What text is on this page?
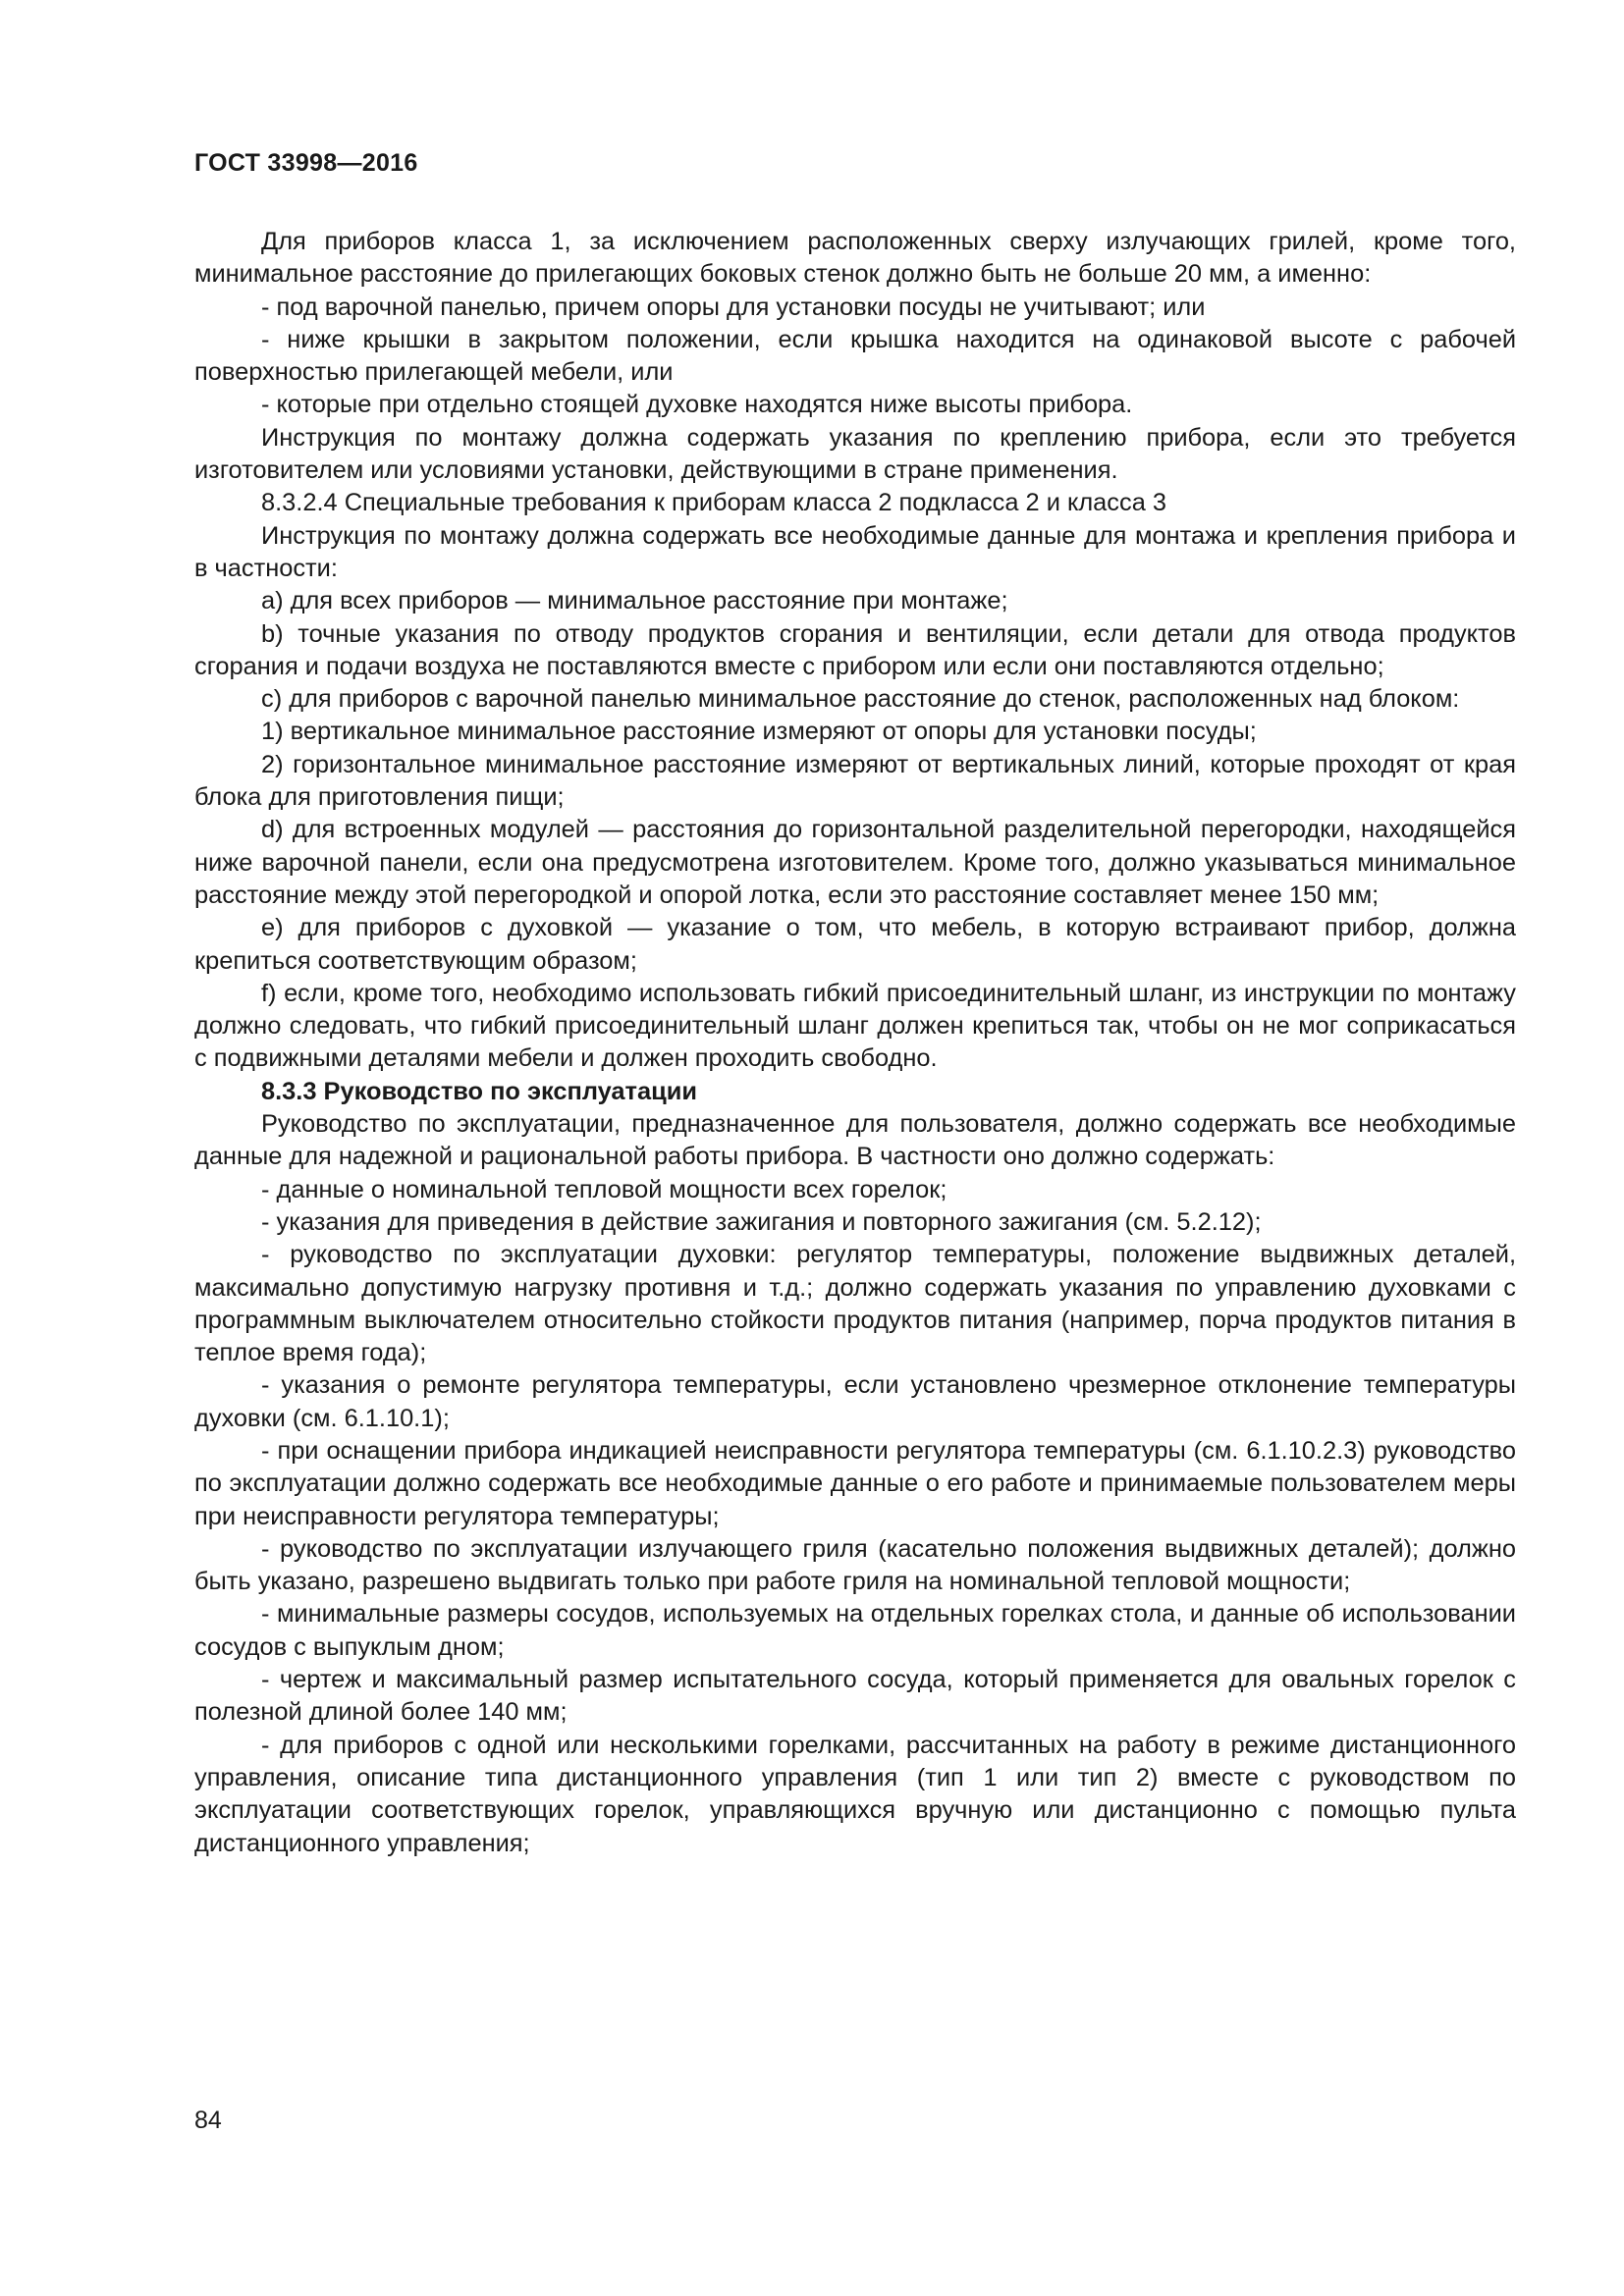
ГОСТ 33998—2016

Для приборов класса 1, за исключением расположенных сверху излучающих грилей, кроме того, минимальное расстояние до прилегающих боковых стенок должно быть не больше 20 мм, а именно:

- под варочной панелью, причем опоры для установки посуды не учитывают; или

- ниже крышки в закрытом положении, если крышка находится на одинаковой высоте с рабочей поверхностью прилегающей мебели, или

- которые при отдельно стоящей духовке находятся ниже высоты прибора.

Инструкция по монтажу должна содержать указания по креплению прибора, если это требуется изготовителем или условиями установки, действующими в стране применения.

8.3.2.4 Специальные требования к приборам класса 2 подкласса 2 и класса 3

Инструкция по монтажу должна содержать все необходимые данные для монтажа и крепления прибора и в частности:

a) для всех приборов — минимальное расстояние при монтаже;

b) точные указания по отводу продуктов сгорания и вентиляции, если детали для отвода продуктов сгорания и подачи воздуха не поставляются вместе с прибором или если они поставляются отдельно;

c) для приборов с варочной панелью минимальное расстояние до стенок, расположенных над блоком:

1) вертикальное минимальное расстояние измеряют от опоры для установки посуды;

2) горизонтальное минимальное расстояние измеряют от вертикальных линий, которые проходят от края блока для приготовления пищи;

d) для встроенных модулей — расстояния до горизонтальной разделительной перегородки, находящейся ниже варочной панели, если она предусмотрена изготовителем. Кроме того, должно указываться минимальное расстояние между этой перегородкой и опорой лотка, если это расстояние составляет менее 150 мм;

e) для приборов с духовкой — указание о том, что мебель, в которую встраивают прибор, должна крепиться соответствующим образом;

f) если, кроме того, необходимо использовать гибкий присоединительный шланг, из инструкции по монтажу должно следовать, что гибкий присоединительный шланг должен крепиться так, чтобы он не мог соприкасаться с подвижными деталями мебели и должен проходить свободно.

8.3.3 Руководство по эксплуатации

Руководство по эксплуатации, предназначенное для пользователя, должно содержать все необходимые данные для надежной и рациональной работы прибора. В частности оно должно содержать:

- данные о номинальной тепловой мощности всех горелок;

- указания для приведения в действие зажигания и повторного зажигания (см. 5.2.12);

- руководство по эксплуатации духовки: регулятор температуры, положение выдвижных деталей, максимально допустимую нагрузку противня и т.д.; должно содержать указания по управлению духовками с программным выключателем относительно стойкости продуктов питания (например, порча продуктов питания в теплое время года);

- указания о ремонте регулятора температуры, если установлено чрезмерное отклонение температуры духовки (см. 6.1.10.1);

- при оснащении прибора индикацией неисправности регулятора температуры (см. 6.1.10.2.3) руководство по эксплуатации должно содержать все необходимые данные о его работе и принимаемые пользователем меры при неисправности регулятора температуры;

- руководство по эксплуатации излучающего гриля (касательно положения выдвижных деталей); должно быть указано, разрешено выдвигать только при работе гриля на номинальной тепловой мощности;

- минимальные размеры сосудов, используемых на отдельных горелках стола, и данные об использовании сосудов с выпуклым дном;

- чертеж и максимальный размер испытательного сосуда, который применяется для овальных горелок с полезной длиной более 140 мм;

- для приборов с одной или несколькими горелками, рассчитанных на работу в режиме дистанционного управления, описание типа дистанционного управления (тип 1 или тип 2) вместе с руководством по эксплуатации соответствующих горелок, управляющихся вручную или дистанционно с помощью пульта дистанционного управления;

84
